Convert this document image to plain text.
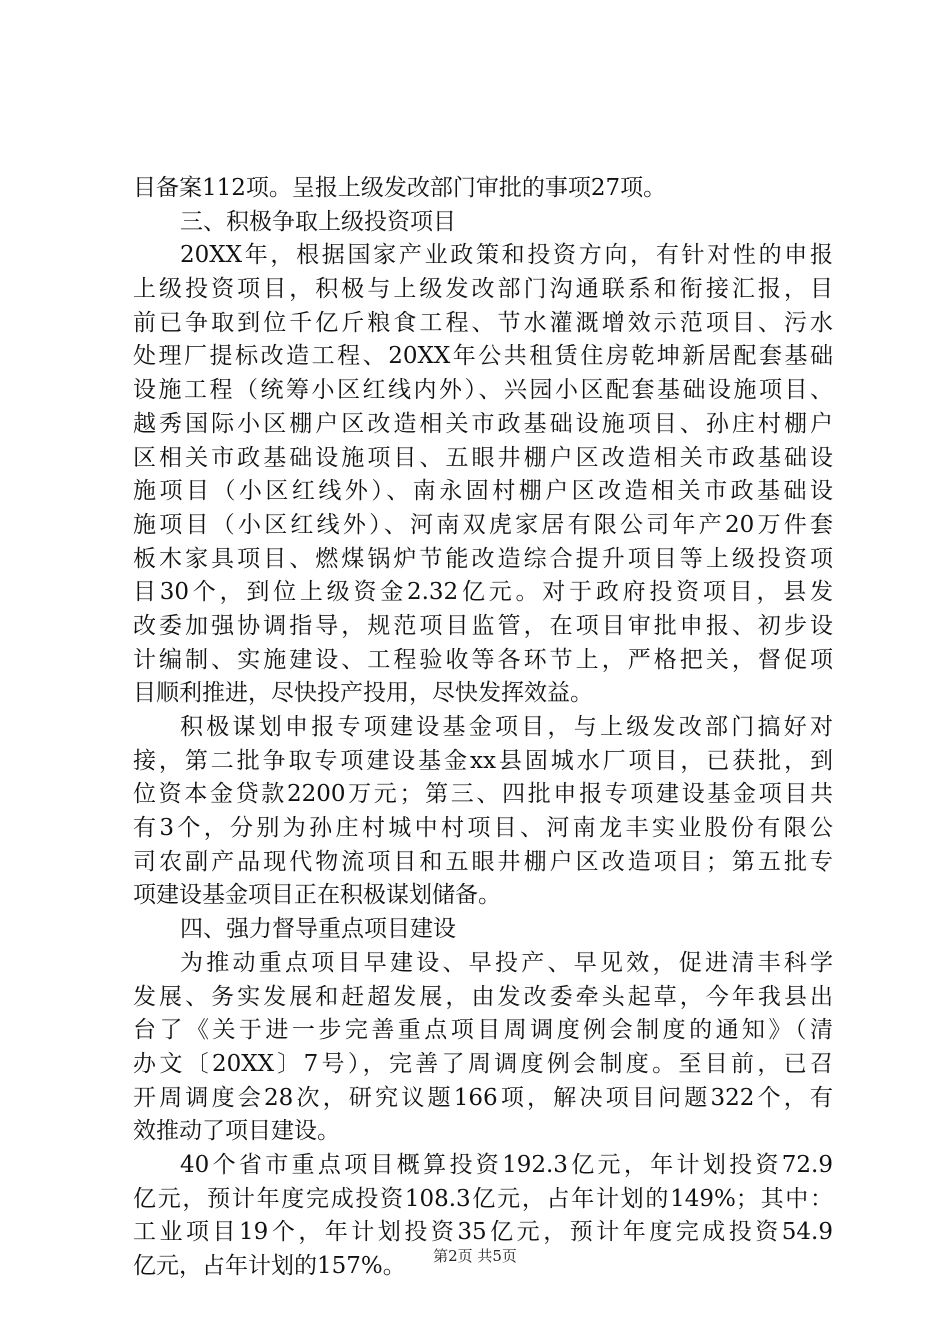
目备案112项。呈报上级发改部门审批的事项27项。
三、积极争取上级投资项目
20XX年，根据国家产业政策和投资方向，有针对性的申报
上级投资项目，积极与上级发改部门沟通联系和衔接汇报，目
前已争取到位千亿斤粮食工程、节水灌溉增效示范项目、污水
处理厂提标改造工程、20XX年公共租赁住房乾坤新居配套基础
设施工程（统筹小区红线内外）、兴园小区配套基础设施项目、
越秀国际小区棚户区改造相关市政基础设施项目、孙庄村棚户
区相关市政基础设施项目、五眼井棚户区改造相关市政基础设
施项目（小区红线外）、南永固村棚户区改造相关市政基础设
施项目（小区红线外）、河南双虎家居有限公司年产20万件套
板木家具项目、燃煤锅炉节能改造综合提升项目等上级投资项
目30个，到位上级资金2.32亿元。对于政府投资项目，县发
改委加强协调指导，规范项目监管，在项目审批申报、初步设
计编制、实施建设、工程验收等各环节上，严格把关，督促项
目顺利推进，尽快投产投用，尽快发挥效益。
积极谋划申报专项建设基金项目，与上级发改部门搞好对
接，第二批争取专项建设基金xx县固城水厂项目，已获批，到
位资本金贷款2200万元；第三、四批申报专项建设基金项目共
有3个，分别为孙庄村城中村项目、河南龙丰实业股份有限公
司农副产品现代物流项目和五眼井棚户区改造项目；第五批专
项建设基金项目正在积极谋划储备。
四、强力督导重点项目建设
为推动重点项目早建设、早投产、早见效，促进清丰科学
发展、务实发展和赶超发展，由发改委牵头起草，今年我县出
台了《关于进一步完善重点项目周调度例会制度的通知》（清
办文〔20XX〕7号），完善了周调度例会制度。至目前，已召
开周调度会28次，研究议题166项，解决项目问题322个，有
效推动了项目建设。
40个省市重点项目概算投资192.3亿元，年计划投资72.9
亿元，预计年度完成投资108.3亿元，占年计划的149%；其中：
工业项目19个，年计划投资35亿元，预计年度完成投资54.9
亿元，占年计划的157%。	第2页 共5页
